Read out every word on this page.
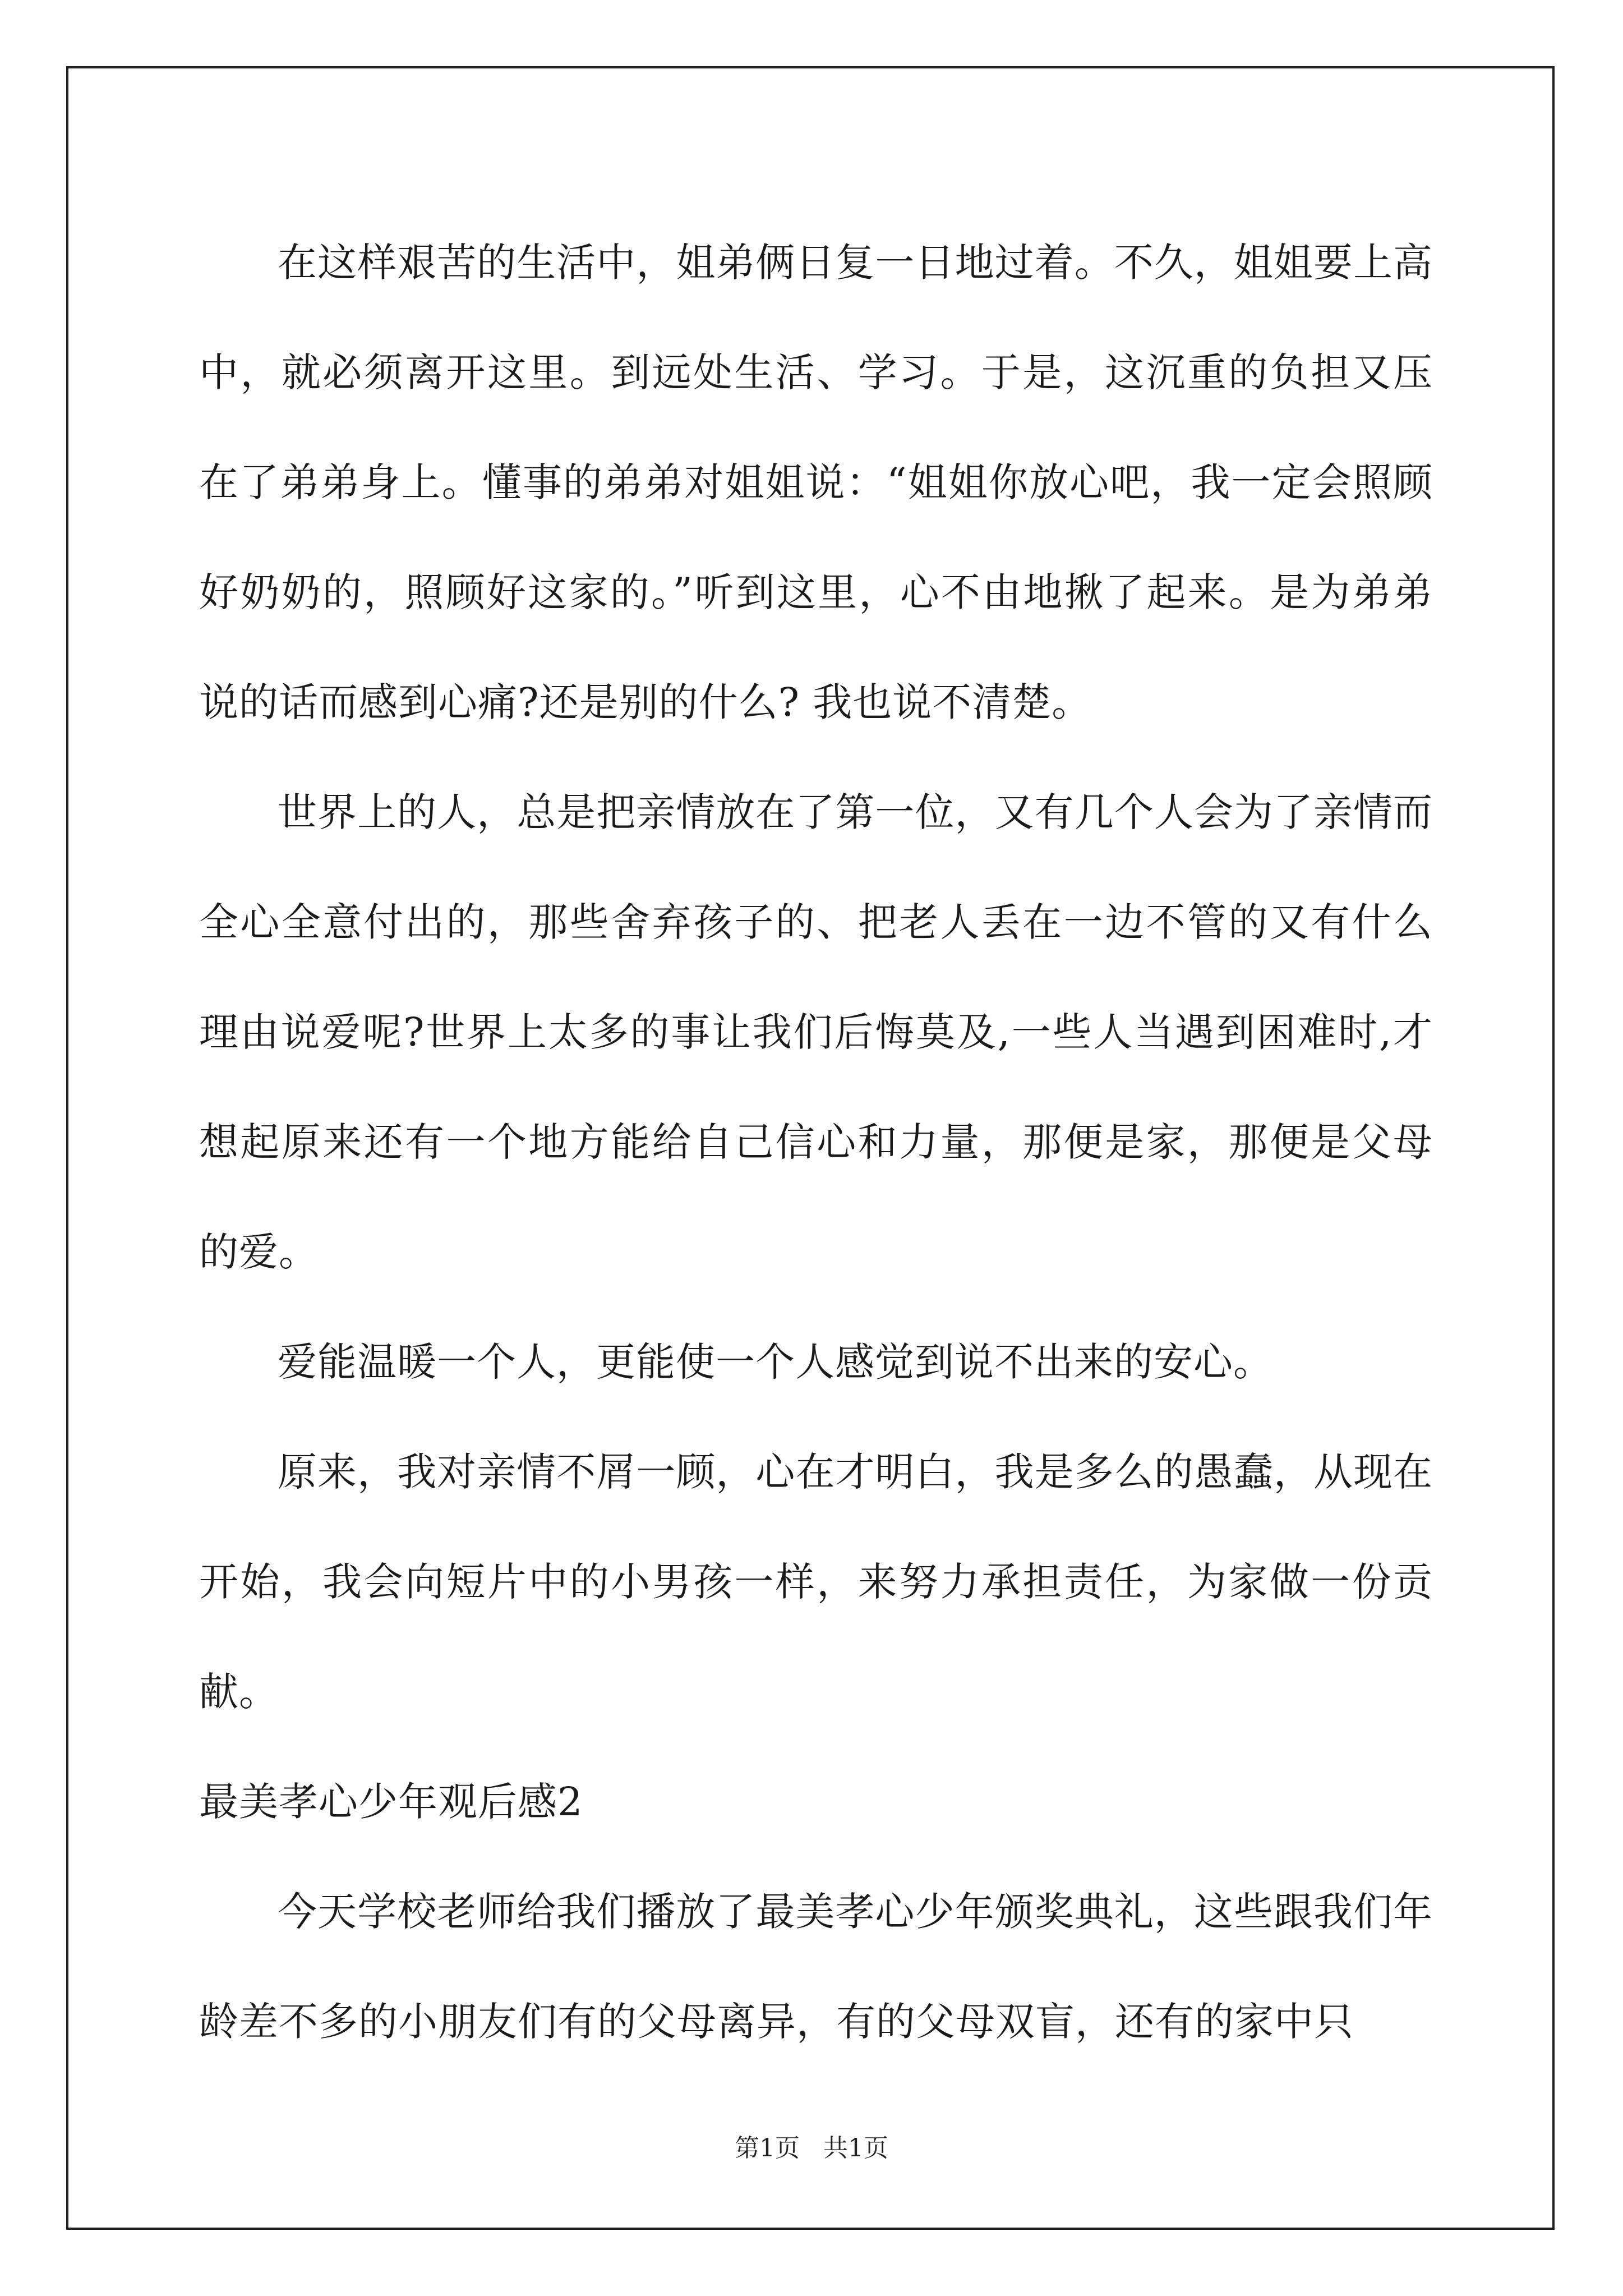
在这样艰苦的生活中，姐弟俩日复一日地过着。不久，姐姐要上高中，就必须离开这里。到远处生活、学习。于是，这沉重的负担又压在了弟弟身上。懂事的弟弟对姐姐说：“姐姐你放心吧，我一定会照顾好奶奶的，照顾好这家的。”听到这里，心不由地揪了起来。是为弟弟说的话而感到心痛?还是别的什么? 我也说不清楚。

世界上的人，总是把亲情放在了第一位，又有几个人会为了亲情而全心全意付出的，那些舍弃孩子的、把老人丢在一边不管的又有什么理由说爱呢?世界上太多的事让我们后悔莫及,一些人当遇到困难时,才想起原来还有一个地方能给自己信心和力量，那便是家，那便是父母的爱。

爱能温暖一个人，更能使一个人感觉到说不出来的安心。

原来，我对亲情不屑一顾，心在才明白，我是多么的愚蠢，从现在开始，我会向短片中的小男孩一样，来努力承担责任，为家做一份贡献。

最美孝心少年观后感2

今天学校老师给我们播放了最美孝心少年颁奖典礼，这些跟我们年龄差不多的小朋友们有的父母离异，有的父母双盲，还有的家中只

第1页 共1页
